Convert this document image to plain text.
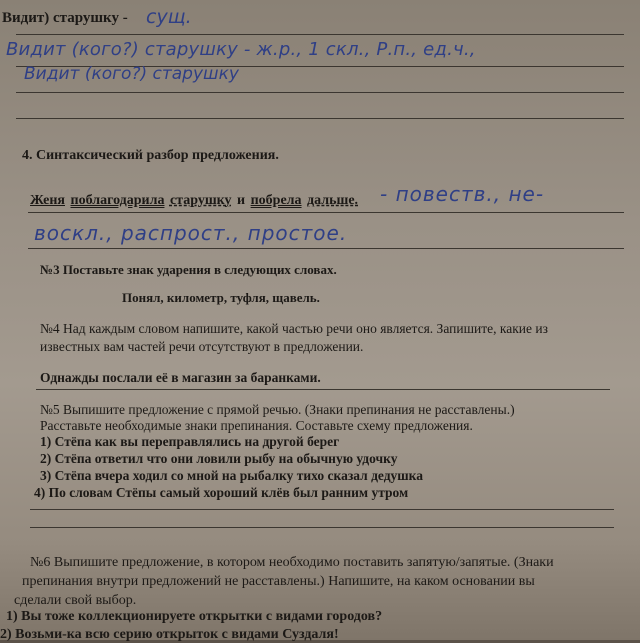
Видит) старушку - сущ.
Видит (кого?) старушку - ж.р., 1 скл., Р.п., ед.ч.,
Видит (кого?) старушку
4. Синтаксический разбор предложения.
Женя поблагодарила старушку и побрела дальше. - повеств., не-
воскл., распрост., простое.
№3 Поставьте знак ударения в следующих словах.
Понял, километр, туфля, щавель.
№4 Над каждым словом напишите, какой частью речи оно является. Запишите, какие из
известных вам частей речи отсутствуют в предложении.
Однажды послали её в магазин за баранками.
№5 Выпишите предложение с прямой речью. (Знаки препинания не расставлены.)
Расставьте необходимые знаки препинания. Составьте схему предложения.
1) Стёпа как вы переправлялись на другой берег
2) Стёпа ответил что они ловили рыбу на обычную удочку
3) Стёпа вчера ходил со мной на рыбалку тихо сказал дедушка
4) По словам Стёпы самый хороший клёв был ранним утром
№6 Выпишите предложение, в котором необходимо поставить запятую/запятые. (Знаки
препинания внутри предложений не расставлены.) Напишите, на каком основании вы
сделали свой выбор.
1) Вы тоже коллекционируете открытки с видами городов?
2) Возьми-ка всю серию открыток с видами Суздаля!
